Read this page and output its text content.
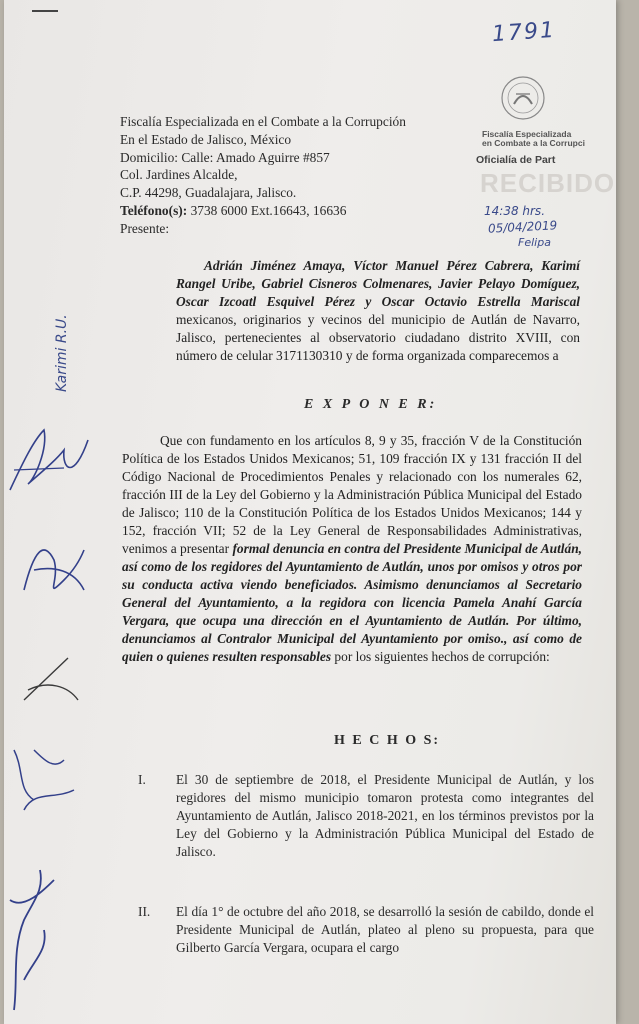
1791
Fiscalía Especializada en el Combate a la Corrupción
En el Estado de Jalisco, México
Domicilio: Calle: Amado Aguirre #857
Col. Jardines Alcalde,
C.P. 44298, Guadalajara, Jalisco.
Teléfono(s): 3738 6000 Ext.16643, 16636
Presente:
Fiscalía Especializada
en Combate a la Corrupci
Oficialía de Part
RECIBIDO
14:38 hrs.
05/04/2019
Felipa
Adrián Jiménez Amaya, Víctor Manuel Pérez Cabrera, Karimí Rangel Uribe, Gabriel Cisneros Colmenares, Javier Pelayo Domíguez, Oscar Izcoatl Esquivel Pérez y Oscar Octavio Estrella Mariscal mexicanos, originarios y vecinos del municipio de Autlán de Navarro, Jalisco, pertenecientes al observatorio ciudadano distrito XVIII, con número de celular 3171130310 y de forma organizada comparecemos a
E X P O N E R:
Que con fundamento en los artículos 8, 9 y 35, fracción V de la Constitución Política de los Estados Unidos Mexicanos; 51, 109 fracción IX y 131 fracción II del Código Nacional de Procedimientos Penales y relacionado con los numerales 62, fracción III de la Ley del Gobierno y la Administración Pública Municipal del Estado de Jalisco; 110 de la Constitución Política de los Estados Unidos Mexicanos; 144 y 152, fracción VII; 52 de la Ley General de Responsabilidades Administrativas, venimos a presentar formal denuncia en contra del Presidente Municipal de Autlán, así como de los regidores del Ayuntamiento de Autlán, unos por omisos y otros por su conducta activa viendo beneficiados. Asimismo denunciamos al Secretario General del Ayuntamiento, a la regidora con licencia Pamela Anahí García Vergara, que ocupa una dirección en el Ayuntamiento de Autlán. Por último, denunciamos al Contralor Municipal del Ayuntamiento por omiso., así como de quien o quienes resulten responsables por los siguientes hechos de corrupción:
H E C H O S:
I. El 30 de septiembre de 2018, el Presidente Municipal de Autlán, y los regidores del mismo municipio tomaron protesta como integrantes del Ayuntamiento de Autlán, Jalisco 2018-2021, en los términos previstos por la Ley del Gobierno y la Administración Pública Municipal del Estado de Jalisco.
II. El día 1° de octubre del año 2018, se desarrolló la sesión de cabildo, donde el Presidente Municipal de Autlán, plateo al pleno su propuesta, para que Gilberto García Vergara, ocupara el cargo
Karimi R.U.
